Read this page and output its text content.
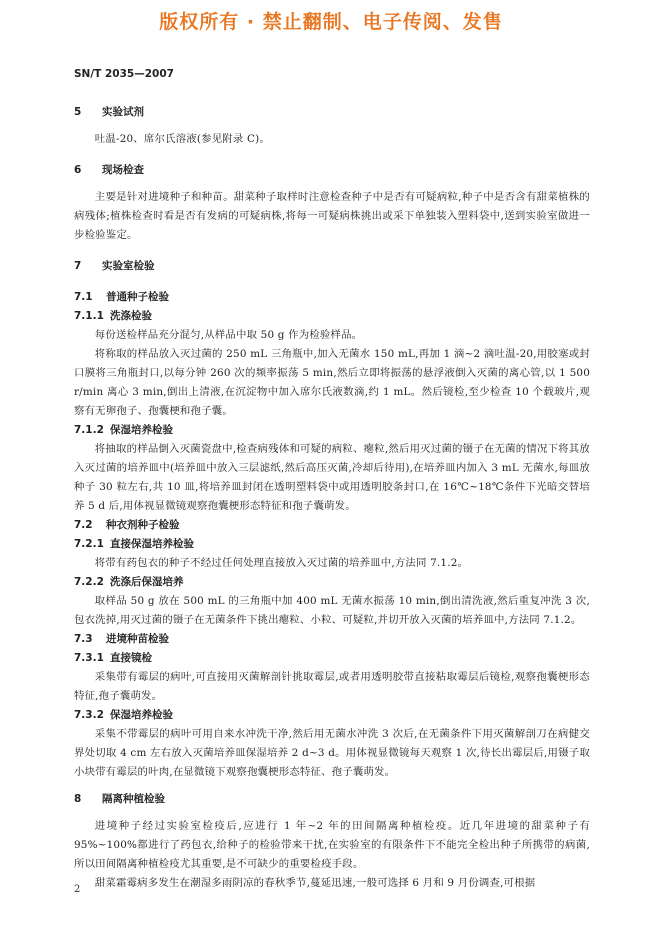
版权所有 · 禁止翻制、电子传阅、发售
SN/T 2035—2007
5 实验试剂

吐温-20、席尔氏溶液(参见附录 C)。

6 现场检查

主要是针对进境种子和种苗。甜菜种子取样时注意检查种子中是否有可疑病粒,种子中是否含有甜菜植株的病残体;植株检查时看是否有发病的可疑病株,将每一可疑病株挑出或采下单独装入塑料袋中,送到实验室做进一步检验鉴定。

7 实验室检验
7.1 普通种子检验
7.1.1 洗涤检验

每份送检样品充分混匀,从样品中取 50 g 作为检验样品。

将称取的样品放入灭过菌的 250 mL 三角瓶中,加入无菌水 150 mL,再加 1 滴~2 滴吐温-20,用胶塞或封口膜将三角瓶封口,以每分钟 260 次的频率振荡 5 min,然后立即将振荡的悬浮液倒入灭菌的离心管,以 1 500 r/min 离心 3 min,倒出上清液,在沉淀物中加入席尔氏液数滴,约 1 mL。然后镜检,至少检查 10 个载玻片,观察有无卵孢子、孢囊梗和孢子囊。

7.1.2 保湿培养检验

将抽取的样品倒入灭菌瓷盘中,检查病残体和可疑的病粒、瘪粒,然后用灭过菌的镊子在无菌的情况下将其放入灭过菌的培养皿中(培养皿中放入三层滤纸,然后高压灭菌,冷却后待用),在培养皿内加入 3 mL 无菌水,每皿放种子 30 粒左右,共 10 皿,将培养皿封闭在透明塑料袋中或用透明胶条封口,在 16℃~18℃条件下光暗交替培养 5 d 后,用体视显微镜观察孢囊梗形态特征和孢子囊萌发。

7.2 种衣剂种子检验
7.2.1 直接保湿培养检验

将带有药包衣的种子不经过任何处理直接放入灭过菌的培养皿中,方法同 7.1.2。

7.2.2 洗涤后保湿培养

取样品 50 g 放在 500 mL 的三角瓶中加 400 mL 无菌水振荡 10 min,倒出清洗液,然后重复冲洗 3 次,包衣洗掉,用灭过菌的镊子在无菌条件下挑出瘪粒、小粒、可疑粒,并切开放入灭菌的培养皿中,方法同 7.1.2。

7.3 进境种苗检验
7.3.1 直接镜检

采集带有霉层的病叶,可直接用灭菌解剖针挑取霉层,或者用透明胶带直接粘取霉层后镜检,观察孢囊梗形态特征,孢子囊萌发。

7.3.2 保湿培养检验

采集不带霉层的病叶可用自来水冲洗干净,然后用无菌水冲洗 3 次后,在无菌条件下用灭菌解剖刀在病健交界处切取 4 cm 左右放入灭菌培养皿保湿培养 2 d~3 d。用体视显微镜每天观察 1 次,待长出霉层后,用镊子取小块带有霉层的叶肉,在显微镜下观察孢囊梗形态特征、孢子囊萌发。

8 隔离种植检验

进境种子经过实验室检疫后,应进行 1 年~2 年的田间隔离种植检疫。近几年进境的甜菜种子有 95%~100%都进行了药包衣,给种子的检验带来干扰,在实验室的有限条件下不能完全检出种子所携带的病菌,所以田间隔离种植检疫尤其重要,是不可缺少的重要检疫手段。

甜菜霜霉病多发生在潮湿多雨阴凉的春秋季节,蔓延迅速,一般可选择 6 月和 9 月份调查,可根据

2
